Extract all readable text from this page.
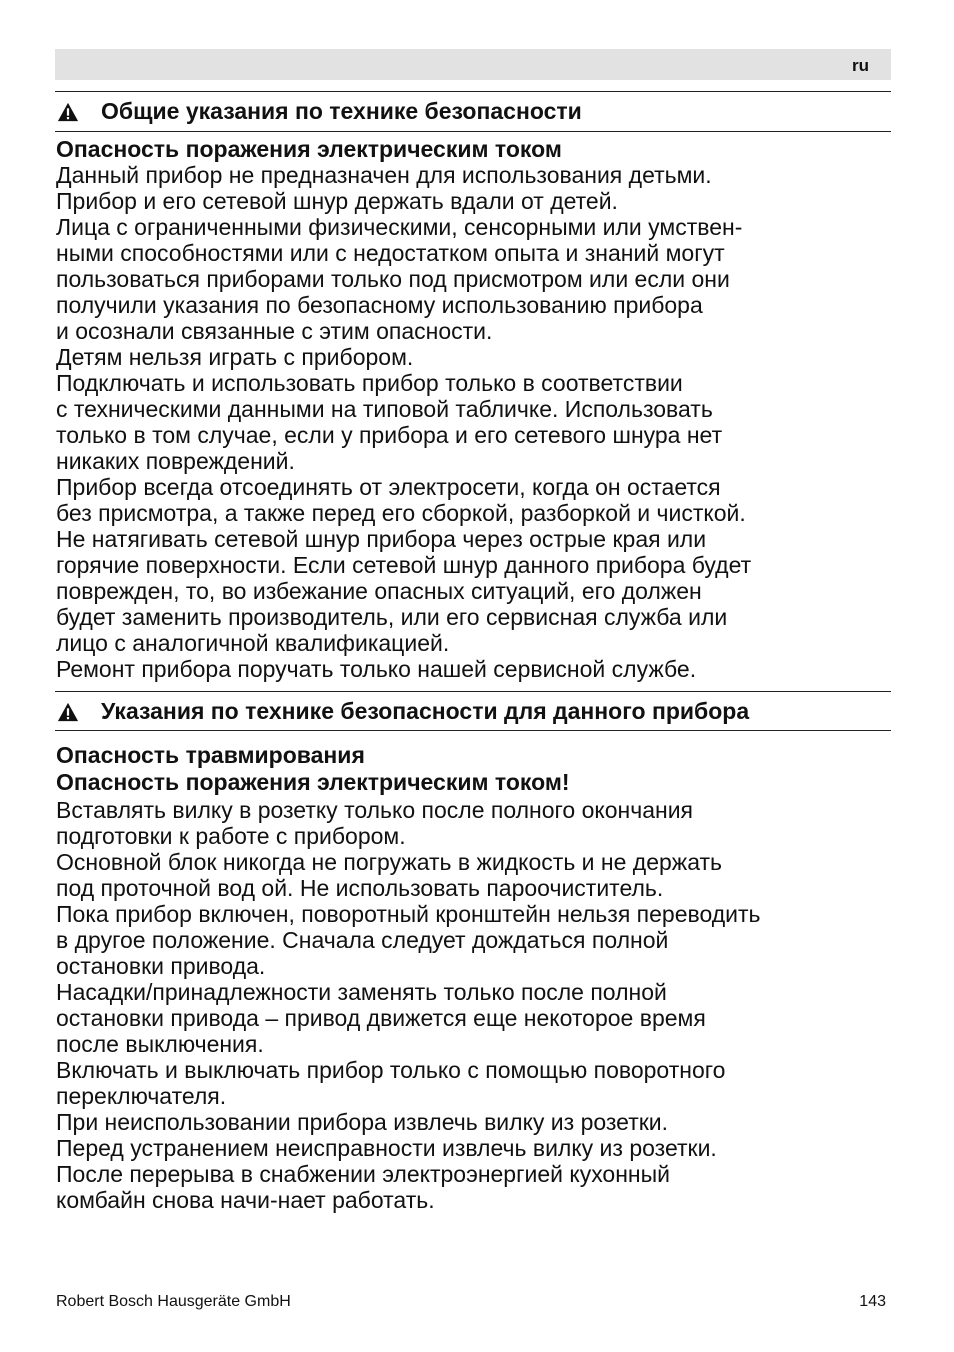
ru
Общие указания по технике безопасности
Опасность поражения электрическим током
Данный прибор не предназначен для использования детьми.
Прибор и его сетевой шнур держать вдали от детей.
Лица с ограниченными физическими, сенсорными или умствен-
ными способностями или с недостатком опыта и знаний могут
пользоваться приборами только под присмотром или если они
получили указания по безопасному использованию прибора
и осознали связанные с этим опасности.
Детям нельзя играть с прибором.
Подключать и использовать прибор только в соответствии
с техническими данными на типовой табличке. Использовать
только в том случае, если у прибора и его сетевого шнура нет
никаких повреждений.
Прибор всегда отсоединять от электросети, когда он остается
без присмотра, а также перед его сборкой, разборкой и чисткой.
Не натягивать сетевой шнур прибора через острые края или
горячие поверхности. Если сетевой шнур данного прибора будет
поврежден, то, во избежание опасных ситуаций, его должен
будет заменить производитель, или его сервисная служба или
лицо с аналогичной квалификацией.
Ремонт прибора поручать только нашей сервисной службе.
Указания по технике безопасности для данного прибора
Опасность травмирования
Опасность поражения электрическим током!
Вставлять вилку в розетку только после полного окончания
подготовки к работе с прибором.
Основной блок никогда не погружать в жидкость и не держать
под проточной вод ой. Не использовать пароочиститель.
Пока прибор включен, поворотный кронштейн нельзя переводить
в другое положение. Сначала следует дождаться полной
остановки привода.
Насадки/принадлежности заменять только после полной
остановки привода – привод движется еще некоторое время
после выключения.
Включать и выключать прибор только с помощью поворотного
переключателя.
При неиспользовании прибора извлечь вилку из розетки.
Перед устранением неисправности извлечь вилку из розетки.
После перерыва в снабжении электроэнергией кухонный
комбайн снова начи-нает работать.
Robert Bosch Hausgeräte GmbH	143
